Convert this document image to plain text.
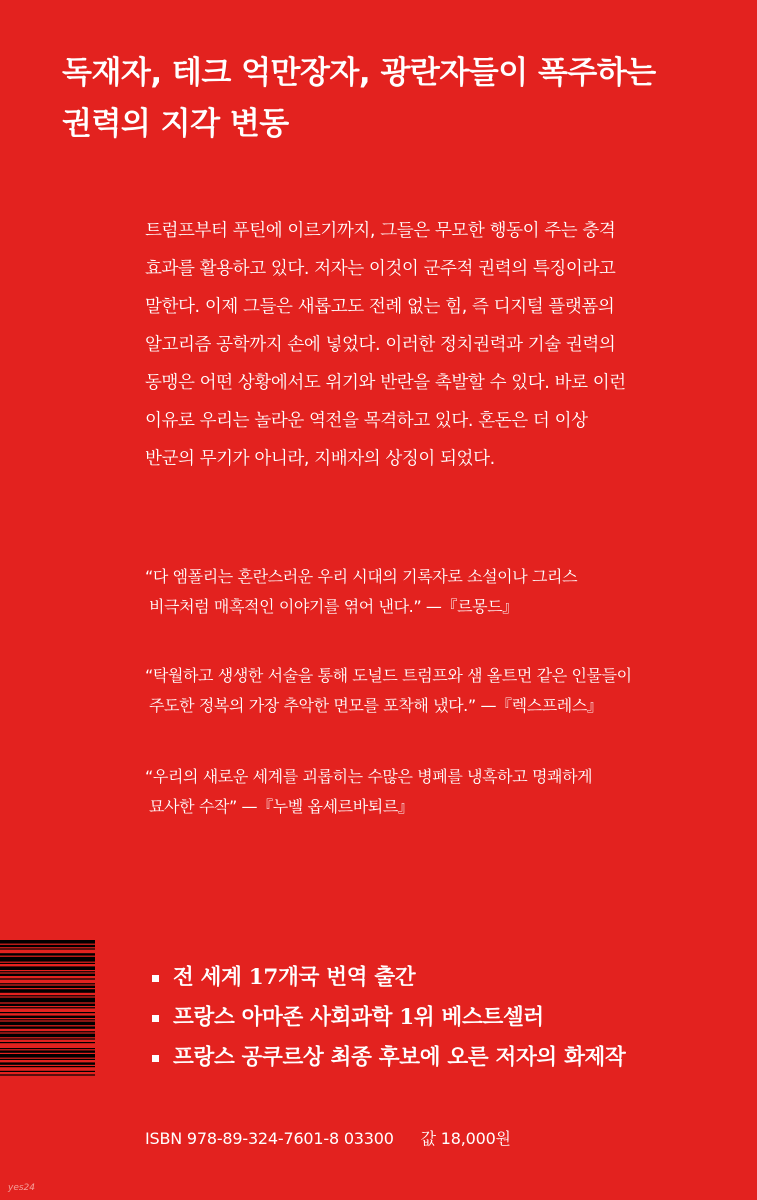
독재자, 테크 억만장자, 광란자들이 폭주하는
권력의 지각 변동
트럼프부터 푸틴에 이르기까지, 그들은 무모한 행동이 주는 충격
효과를 활용하고 있다. 저자는 이것이 군주적 권력의 특징이라고
말한다. 이제 그들은 새롭고도 전례 없는 힘, 즉 디지털 플랫폼의
알고리즘 공학까지 손에 넣었다. 이러한 정치권력과 기술 권력의
동맹은 어떤 상황에서도 위기와 반란을 촉발할 수 있다. 바로 이런
이유로 우리는 놀라운 역전을 목격하고 있다. 혼돈은 더 이상
반군의 무기가 아니라, 지배자의 상징이 되었다.
“다 엠폴리는 혼란스러운 우리 시대의 기록자로 소설이나 그리스
비극처럼 매혹적인 이야기를 엮어 낸다.” —『르몽드』
“탁월하고 생생한 서술을 통해 도널드 트럼프와 샘 올트먼 같은 인물들이
주도한 정복의 가장 추악한 면모를 포착해 냈다.” —『렉스프레스』
“우리의 새로운 세계를 괴롭히는 수많은 병폐를 냉혹하고 명쾌하게
묘사한 수작” —『누벨 옵세르바퇴르』
전 세계 17개국 번역 출간
프랑스 아마존 사회과학 1위 베스트셀러
프랑스 공쿠르상 최종 후보에 오른 저자의 화제작
ISBN 978-89-324-7601-8 03300 값 18,000원
yes24
